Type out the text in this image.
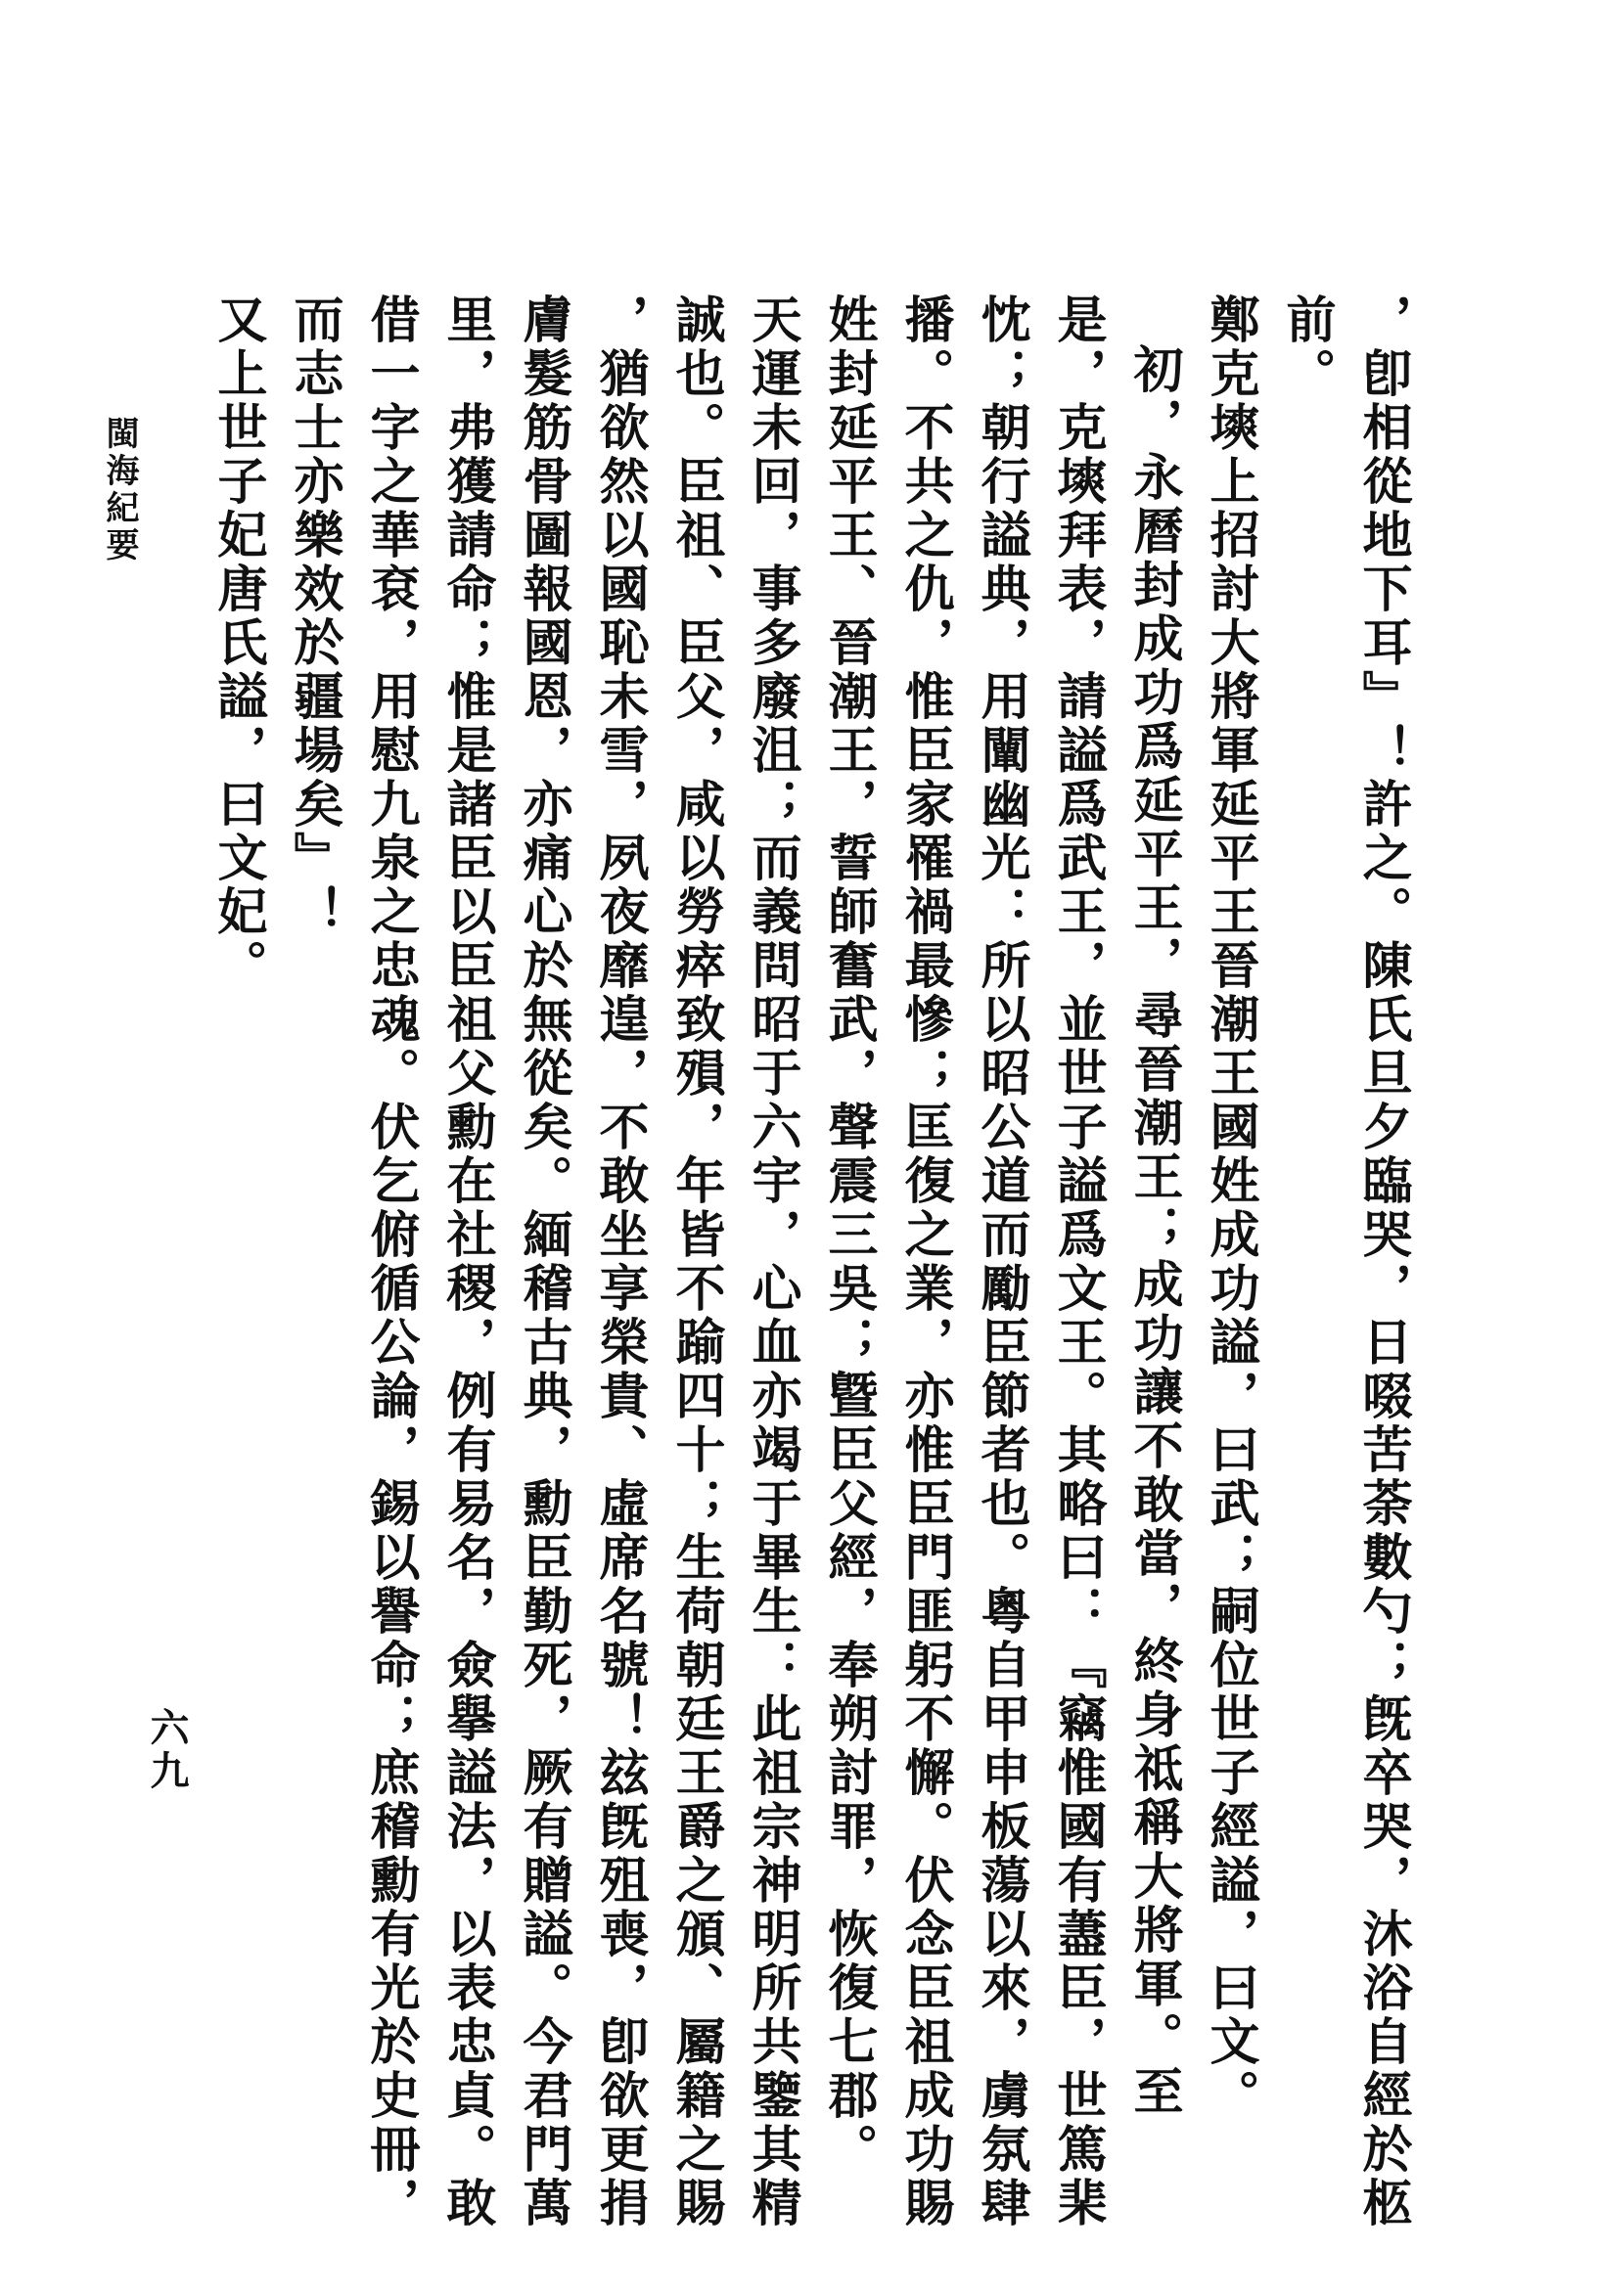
，卽相從地下耳』！許之。陳氏旦夕臨哭，日啜苦荼數勺；旣卒哭，沐浴自經於柩
前。
鄭克塽上招討大將軍延平王晉潮王國姓成功謚，曰武；嗣位世子經謚，曰文。
初，永曆封成功爲延平王，尋晉潮王；成功讓不敢當，終身祗稱大將軍。至
是，克塽拜表，請謚爲武王，並世子謚爲文王。其略曰：『竊惟國有藎臣，世篤棐
忱；朝行謚典，用闡幽光：所以昭公道而勵臣節者也。粵自甲申板蕩以來，虜氛肆
播。不共之仇，惟臣家罹禍最慘；匡復之業，亦惟臣門匪躬不懈。伏念臣祖成功賜
姓封延平王、晉潮王，誓師奮武，聲震三吳；曁臣父經，奉朔討罪，恢復七郡。
天運未回，事多廢沮；而義問昭于六宇，心血亦竭于畢生：此祖宗神明所共鑒其精
誠也。臣祖、臣父，咸以勞瘁致殞，年皆不踰四十；生荷朝廷王爵之頒、屬籍之賜
，猶欲然以國恥未雪，夙夜靡遑，不敢坐享榮貴、虛席名號！玆旣殂喪，卽欲更捐
膚髮筋骨圖報國恩，亦痛心於無從矣。緬稽古典，勳臣勤死，厥有贈謚。今君門萬
里，弗獲請命；惟是諸臣以臣祖父勳在社稷，例有易名，僉擧謚法，以表忠貞。敢
借一字之華袞，用慰九泉之忠魂。伏乞俯循公論，錫以譽命；庶稽勳有光於史冊，
而志士亦樂效於疆場矣』！
又上世子妃唐氏謚，曰文妃。
閩海紀要
六九
